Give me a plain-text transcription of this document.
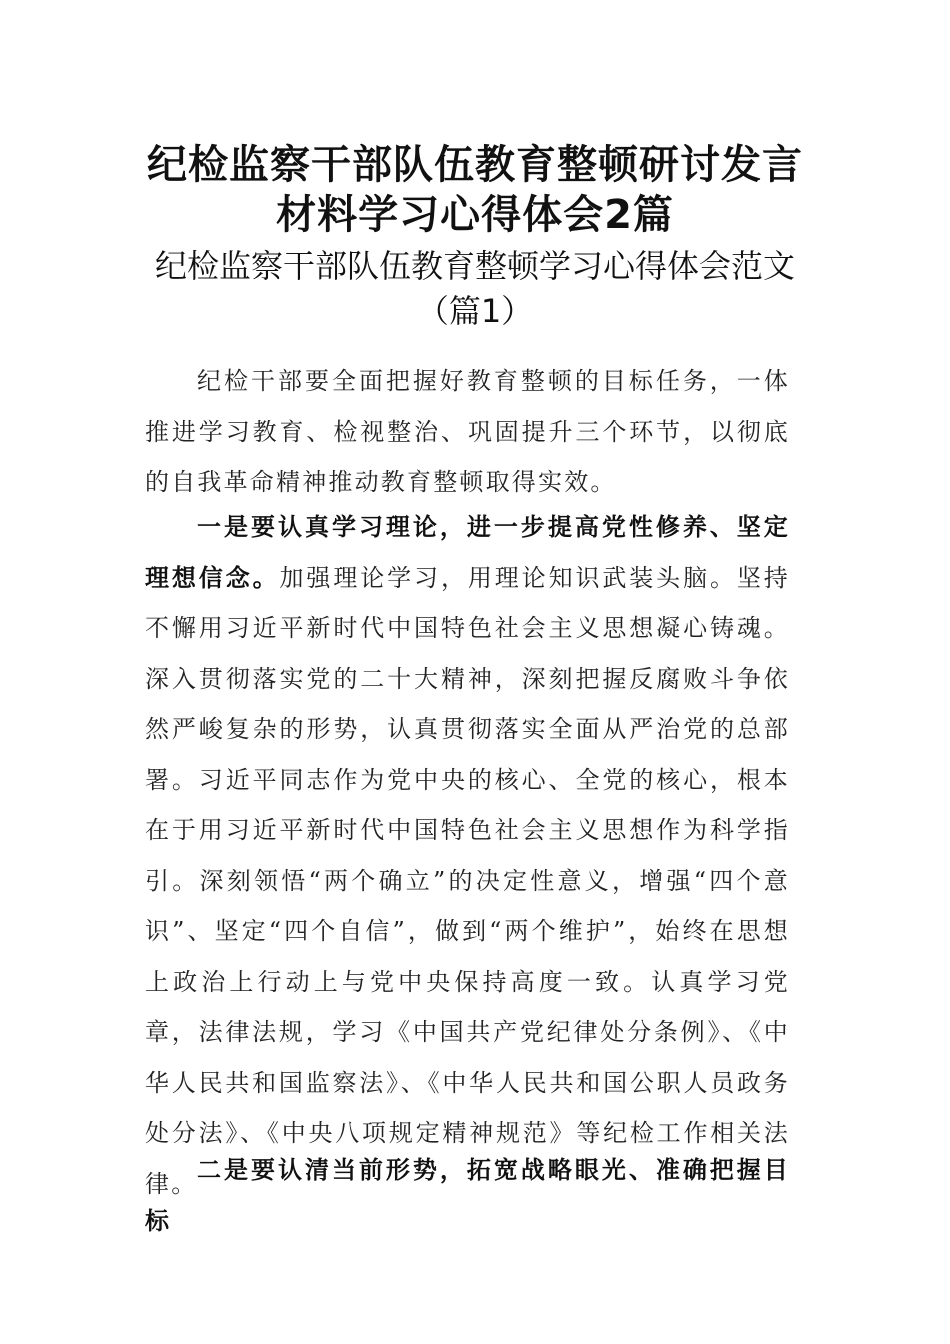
纪检监察干部队伍教育整顿研讨发言材料学习心得体会2篇
纪检监察干部队伍教育整顿学习心得体会范文（篇1）

纪检干部要全面把握好教育整顿的目标任务，一体推进学习教育、检视整治、巩固提升三个环节，以彻底的自我革命精神推动教育整顿取得实效。

一是要认真学习理论，进一步提高党性修养、坚定理想信念。加强理论学习，用理论知识武装头脑。坚持不懈用习近平新时代中国特色社会主义思想凝心铸魂。深入贯彻落实党的二十大精神，深刻把握反腐败斗争依然严峻复杂的形势，认真贯彻落实全面从严治党的总部署。习近平同志作为党中央的核心、全党的核心，根本在于用习近平新时代中国特色社会主义思想作为科学指引。深刻领悟“两个确立”的决定性意义，增强“四个意识”、坚定“四个自信”，做到“两个维护”，始终在思想上政治上行动上与党中央保持高度一致。认真学习党章，法律法规，学习《中国共产党纪律处分条例》、《中华人民共和国监察法》、《中华人民共和国公职人员政务处分法》、《中央八项规定精神规范》等纪检工作相关法律。 二是要认清当前形势，拓宽战略眼光、准确把握目标
